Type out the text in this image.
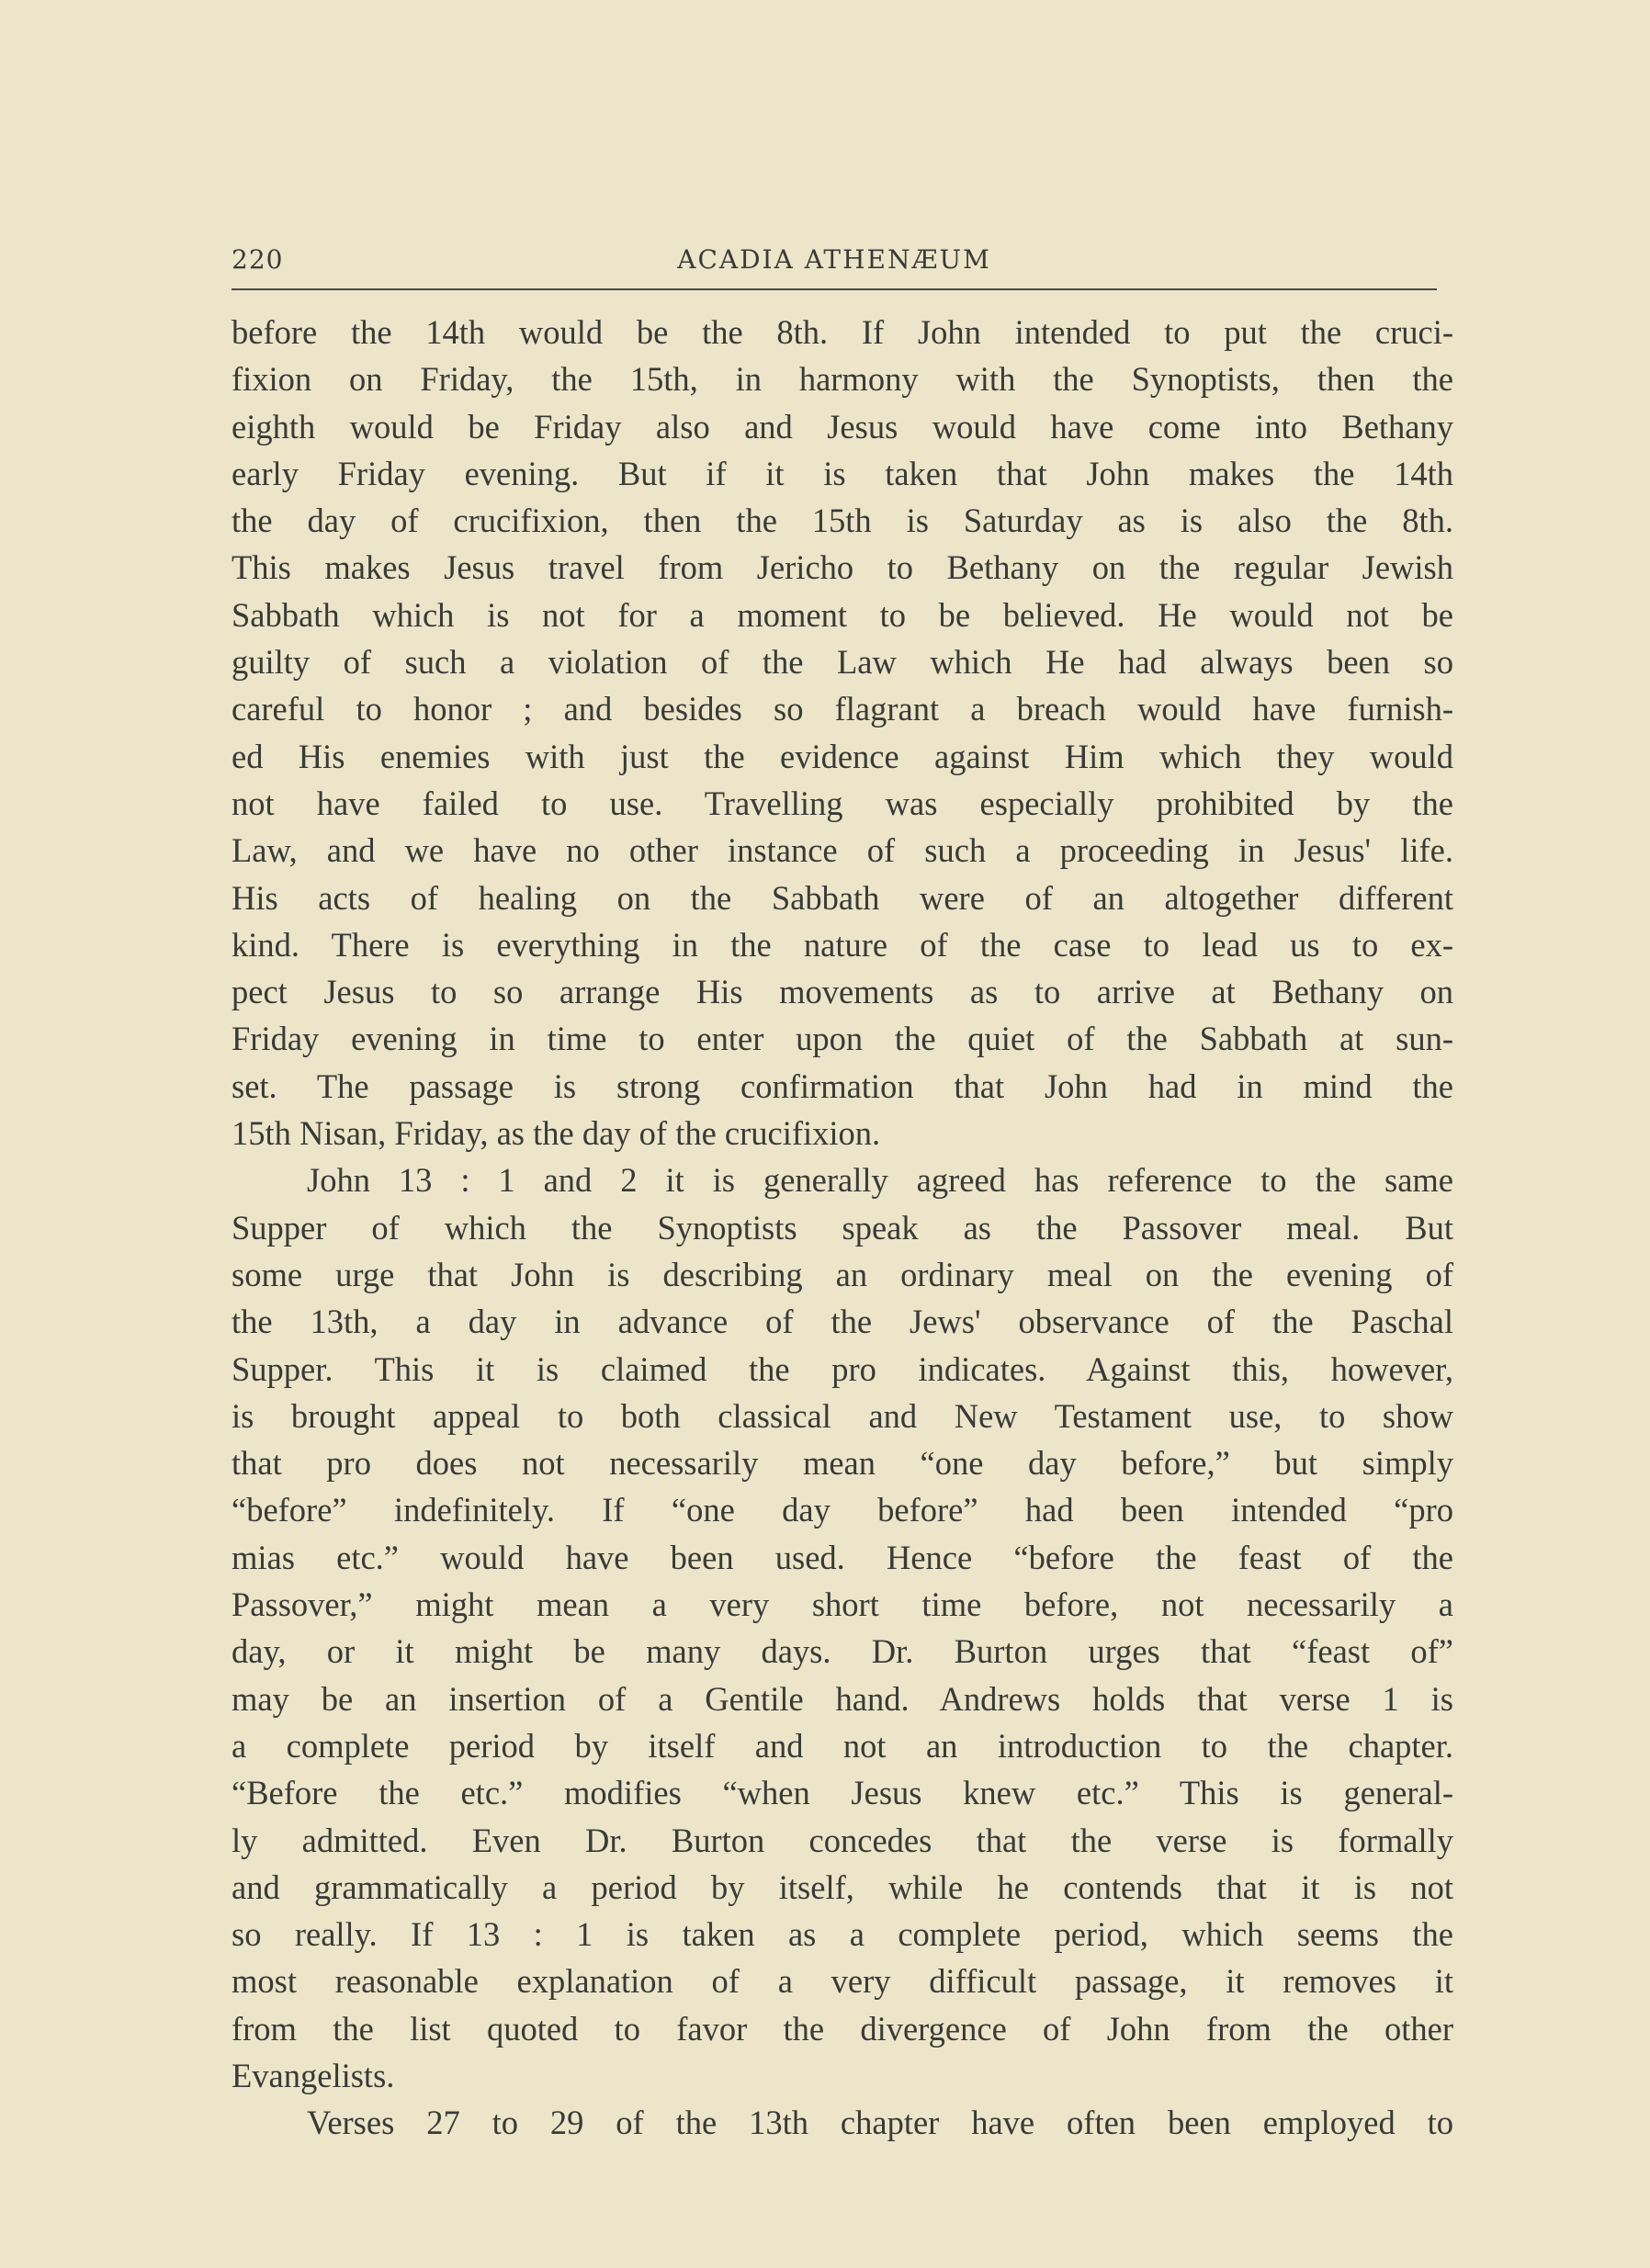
220	ACADIA ATHENÆUM
before the 14th would be the 8th. If John intended to put the cruci-
fixion on Friday, the 15th, in harmony with the Synoptists, then the
eighth would be Friday also and Jesus would have come into Bethany
early Friday evening. But if it is taken that John makes the 14th
the day of crucifixion, then the 15th is Saturday as is also the 8th.
This makes Jesus travel from Jericho to Bethany on the regular Jewish
Sabbath which is not for a moment to be believed. He would not be
guilty of such a violation of the Law which He had always been so
careful to honor ; and besides so flagrant a breach would have furnish-
ed His enemies with just the evidence against Him which they would
not have failed to use. Travelling was especially prohibited by the
Law, and we have no other instance of such a proceeding in Jesus' life.
His acts of healing on the Sabbath were of an altogether different
kind. There is everything in the nature of the case to lead us to ex-
pect Jesus to so arrange His movements as to arrive at Bethany on
Friday evening in time to enter upon the quiet of the Sabbath at sun-
set. The passage is strong confirmation that John had in mind the
15th Nisan, Friday, as the day of the crucifixion.
John 13 : 1 and 2 it is generally agreed has reference to the same
Supper of which the Synoptists speak as the Passover meal. But
some urge that John is describing an ordinary meal on the evening of
the 13th, a day in advance of the Jews' observance of the Paschal
Supper. This it is claimed the pro indicates. Against this, however,
is brought appeal to both classical and New Testament use, to show
that pro does not necessarily mean “one day before,” but simply
“before” indefinitely. If “one day before” had been intended “pro
mias etc.” would have been used. Hence “before the feast of the
Passover,” might mean a very short time before, not necessarily a
day, or it might be many days. Dr. Burton urges that “feast of”
may be an insertion of a Gentile hand. Andrews holds that verse 1 is
a complete period by itself and not an introduction to the chapter.
“Before the etc.” modifies “when Jesus knew etc.” This is general-
ly admitted. Even Dr. Burton concedes that the verse is formally
and grammatically a period by itself, while he contends that it is not
so really. If 13 : 1 is taken as a complete period, which seems the
most reasonable explanation of a very difficult passage, it removes it
from the list quoted to favor the divergence of John from the other
Evangelists.
Verses 27 to 29 of the 13th chapter have often been employed to
